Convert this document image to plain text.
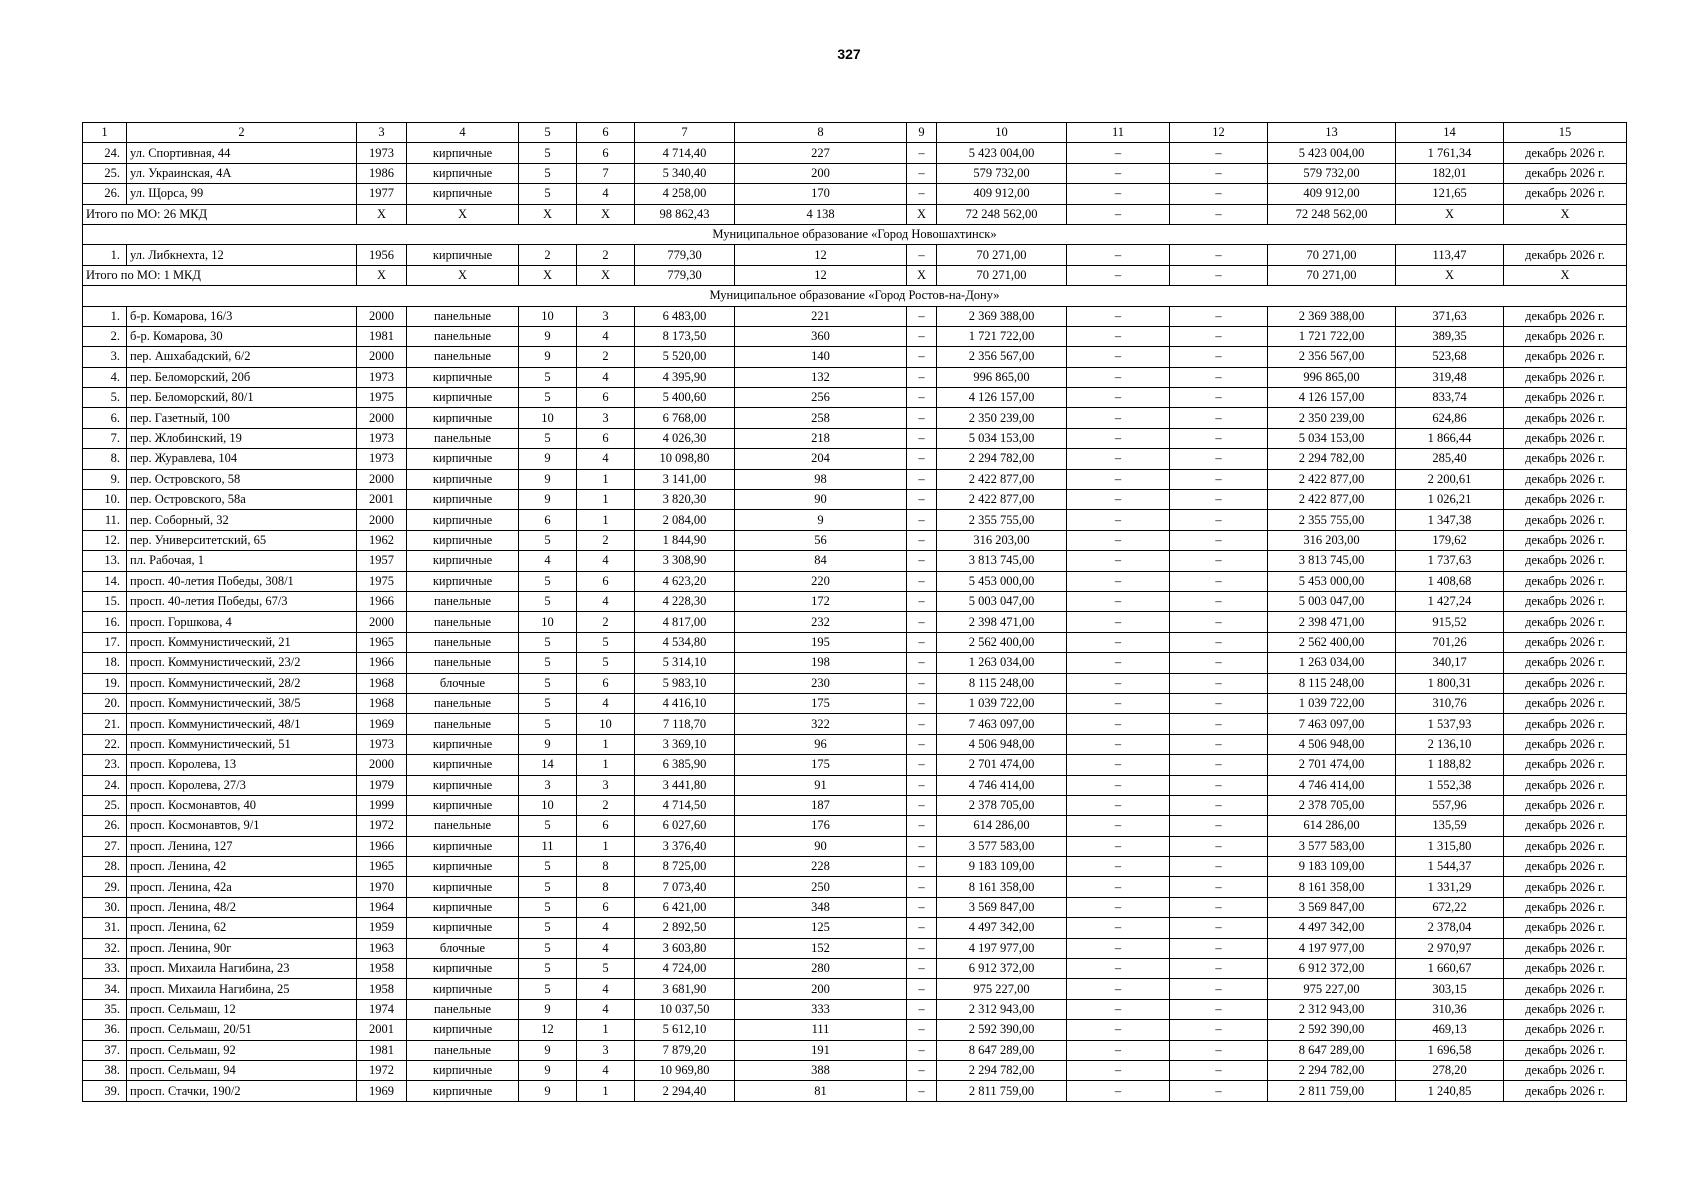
327
1	2	3	4	5	6	7	8	9	10	11	12	13	14	15
24.	ул. Спортивная, 44	1973	кирпичные	5	6	4 714,40	227	–	5 423 004,00	–	–	5 423 004,00	1 761,34	декабрь 2026 г.
25.	ул. Украинская, 4А	1986	кирпичные	5	7	5 340,40	200	–	579 732,00	–	–	579 732,00	182,01	декабрь 2026 г.
26.	ул. Щорса, 99	1977	кирпичные	5	4	4 258,00	170	–	409 912,00	–	–	409 912,00	121,65	декабрь 2026 г.
Итого по МО: 26 МКД		X	X	X	X	98 862,43	4 138	X	72 248 562,00	–	–	72 248 562,00	X	X
Муниципальное образование «Город Новошахтинск»														
1.	ул. Либкнехта, 12	1956	кирпичные	2	2	779,30	12	–	70 271,00	–	–	70 271,00	113,47	декабрь 2026 г.
Итого по МО: 1 МКД		X	X	X	X	779,30	12	X	70 271,00	–	–	70 271,00	X	X
Муниципальное образование «Город Ростов-на-Дону»														
1.	б-р. Комарова, 16/3	2000	панельные	10	3	6 483,00	221	–	2 369 388,00	–	–	2 369 388,00	371,63	декабрь 2026 г.
2.	б-р. Комарова, 30	1981	панельные	9	4	8 173,50	360	–	1 721 722,00	–	–	1 721 722,00	389,35	декабрь 2026 г.
3.	пер. Ашхабадский, 6/2	2000	панельные	9	2	5 520,00	140	–	2 356 567,00	–	–	2 356 567,00	523,68	декабрь 2026 г.
4.	пер. Беломорский, 20б	1973	кирпичные	5	4	4 395,90	132	–	996 865,00	–	–	996 865,00	319,48	декабрь 2026 г.
5.	пер. Беломорский, 80/1	1975	кирпичные	5	6	5 400,60	256	–	4 126 157,00	–	–	4 126 157,00	833,74	декабрь 2026 г.
6.	пер. Газетный, 100	2000	кирпичные	10	3	6 768,00	258	–	2 350 239,00	–	–	2 350 239,00	624,86	декабрь 2026 г.
7.	пер. Жлобинский, 19	1973	панельные	5	6	4 026,30	218	–	5 034 153,00	–	–	5 034 153,00	1 866,44	декабрь 2026 г.
8.	пер. Журавлева, 104	1973	кирпичные	9	4	10 098,80	204	–	2 294 782,00	–	–	2 294 782,00	285,40	декабрь 2026 г.
9.	пер. Островского, 58	2000	кирпичные	9	1	3 141,00	98	–	2 422 877,00	–	–	2 422 877,00	2 200,61	декабрь 2026 г.
10.	пер. Островского, 58а	2001	кирпичные	9	1	3 820,30	90	–	2 422 877,00	–	–	2 422 877,00	1 026,21	декабрь 2026 г.
11.	пер. Соборный, 32	2000	кирпичные	6	1	2 084,00	9	–	2 355 755,00	–	–	2 355 755,00	1 347,38	декабрь 2026 г.
12.	пер. Университетский, 65	1962	кирпичные	5	2	1 844,90	56	–	316 203,00	–	–	316 203,00	179,62	декабрь 2026 г.
13.	пл. Рабочая, 1	1957	кирпичные	4	4	3 308,90	84	–	3 813 745,00	–	–	3 813 745,00	1 737,63	декабрь 2026 г.
14.	просп. 40-летия Победы, 308/1	1975	кирпичные	5	6	4 623,20	220	–	5 453 000,00	–	–	5 453 000,00	1 408,68	декабрь 2026 г.
15.	просп. 40-летия Победы, 67/3	1966	панельные	5	4	4 228,30	172	–	5 003 047,00	–	–	5 003 047,00	1 427,24	декабрь 2026 г.
16.	просп. Горшкова, 4	2000	панельные	10	2	4 817,00	232	–	2 398 471,00	–	–	2 398 471,00	915,52	декабрь 2026 г.
17.	просп. Коммунистический, 21	1965	панельные	5	5	4 534,80	195	–	2 562 400,00	–	–	2 562 400,00	701,26	декабрь 2026 г.
18.	просп. Коммунистический, 23/2	1966	панельные	5	5	5 314,10	198	–	1 263 034,00	–	–	1 263 034,00	340,17	декабрь 2026 г.
19.	просп. Коммунистический, 28/2	1968	блочные	5	6	5 983,10	230	–	8 115 248,00	–	–	8 115 248,00	1 800,31	декабрь 2026 г.
20.	просп. Коммунистический, 38/5	1968	панельные	5	4	4 416,10	175	–	1 039 722,00	–	–	1 039 722,00	310,76	декабрь 2026 г.
21.	просп. Коммунистический, 48/1	1969	панельные	5	10	7 118,70	322	–	7 463 097,00	–	–	7 463 097,00	1 537,93	декабрь 2026 г.
22.	просп. Коммунистический, 51	1973	кирпичные	9	1	3 369,10	96	–	4 506 948,00	–	–	4 506 948,00	2 136,10	декабрь 2026 г.
23.	просп. Королева, 13	2000	кирпичные	14	1	6 385,90	175	–	2 701 474,00	–	–	2 701 474,00	1 188,82	декабрь 2026 г.
24.	просп. Королева, 27/3	1979	кирпичные	3	3	3 441,80	91	–	4 746 414,00	–	–	4 746 414,00	1 552,38	декабрь 2026 г.
25.	просп. Космонавтов, 40	1999	кирпичные	10	2	4 714,50	187	–	2 378 705,00	–	–	2 378 705,00	557,96	декабрь 2026 г.
26.	просп. Космонавтов, 9/1	1972	панельные	5	6	6 027,60	176	–	614 286,00	–	–	614 286,00	135,59	декабрь 2026 г.
27.	просп. Ленина, 127	1966	кирпичные	11	1	3 376,40	90	–	3 577 583,00	–	–	3 577 583,00	1 315,80	декабрь 2026 г.
28.	просп. Ленина, 42	1965	кирпичные	5	8	8 725,00	228	–	9 183 109,00	–	–	9 183 109,00	1 544,37	декабрь 2026 г.
29.	просп. Ленина, 42а	1970	кирпичные	5	8	7 073,40	250	–	8 161 358,00	–	–	8 161 358,00	1 331,29	декабрь 2026 г.
30.	просп. Ленина, 48/2	1964	кирпичные	5	6	6 421,00	348	–	3 569 847,00	–	–	3 569 847,00	672,22	декабрь 2026 г.
31.	просп. Ленина, 62	1959	кирпичные	5	4	2 892,50	125	–	4 497 342,00	–	–	4 497 342,00	2 378,04	декабрь 2026 г.
32.	просп. Ленина, 90г	1963	блочные	5	4	3 603,80	152	–	4 197 977,00	–	–	4 197 977,00	2 970,97	декабрь 2026 г.
33.	просп. Михаила Нагибина, 23	1958	кирпичные	5	5	4 724,00	280	–	6 912 372,00	–	–	6 912 372,00	1 660,67	декабрь 2026 г.
34.	просп. Михаила Нагибина, 25	1958	кирпичные	5	4	3 681,90	200	–	975 227,00	–	–	975 227,00	303,15	декабрь 2026 г.
35.	просп. Сельмаш, 12	1974	панельные	9	4	10 037,50	333	–	2 312 943,00	–	–	2 312 943,00	310,36	декабрь 2026 г.
36.	просп. Сельмаш, 20/51	2001	кирпичные	12	1	5 612,10	111	–	2 592 390,00	–	–	2 592 390,00	469,13	декабрь 2026 г.
37.	просп. Сельмаш, 92	1981	панельные	9	3	7 879,20	191	–	8 647 289,00	–	–	8 647 289,00	1 696,58	декабрь 2026 г.
38.	просп. Сельмаш, 94	1972	кирпичные	9	4	10 969,80	388	–	2 294 782,00	–	–	2 294 782,00	278,20	декабрь 2026 г.
39.	просп. Стачки, 190/2	1969	кирпичные	9	1	2 294,40	81	–	2 811 759,00	–	–	2 811 759,00	1 240,85	декабрь 2026 г.
